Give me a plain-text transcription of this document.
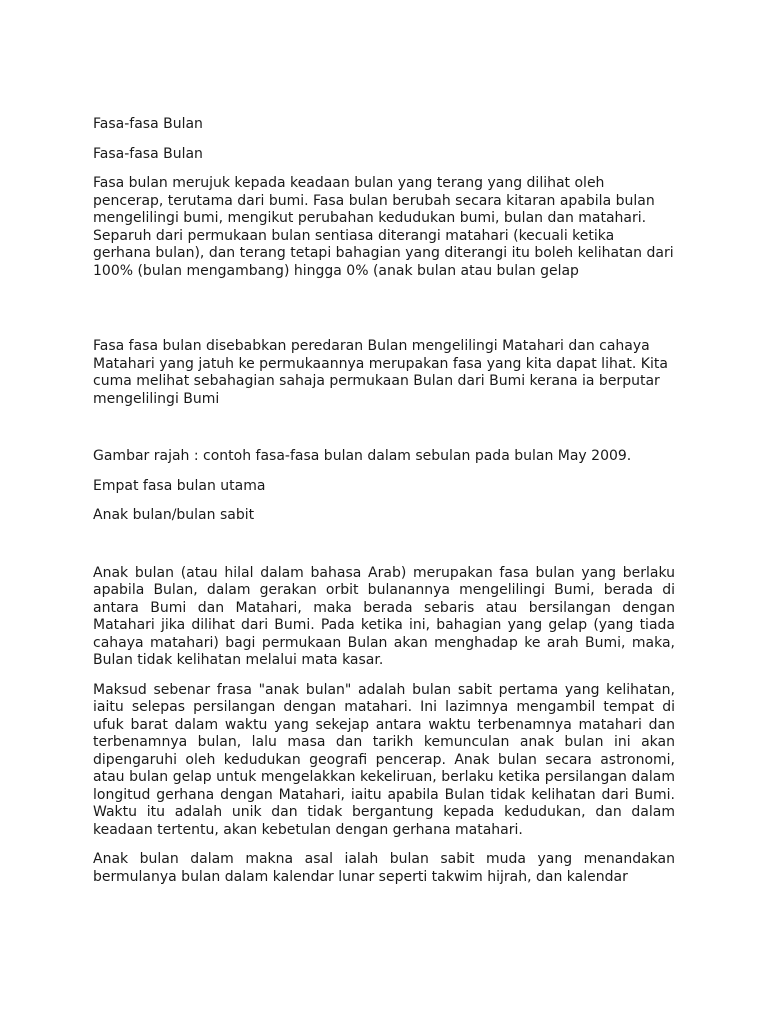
Fasa-fasa Bulan

Fasa-fasa Bulan

Fasa bulan merujuk kepada keadaan bulan yang terang yang dilihat oleh pencerap, terutama dari bumi. Fasa bulan berubah secara kitaran apabila bulan mengelilingi bumi, mengikut perubahan kedudukan bumi, bulan dan matahari. Separuh dari permukaan bulan sentiasa diterangi matahari (kecuali ketika gerhana bulan), dan terang tetapi bahagian yang diterangi itu boleh kelihatan dari 100% (bulan mengambang) hingga 0% (anak bulan atau bulan gelap

Fasa fasa bulan disebabkan peredaran Bulan mengelilingi Matahari dan cahaya Matahari yang jatuh ke permukaannya merupakan fasa yang kita dapat lihat. Kita cuma melihat sebahagian sahaja permukaan Bulan dari Bumi kerana ia berputar mengelilingi Bumi

Gambar rajah : contoh fasa-fasa bulan dalam sebulan pada bulan May 2009.

Empat fasa bulan utama

Anak bulan/bulan sabit

Anak bulan (atau hilal dalam bahasa Arab) merupakan fasa bulan yang berlaku apabila Bulan, dalam gerakan orbit bulanannya mengelilingi Bumi, berada di antara Bumi dan Matahari, maka berada sebaris atau bersilangan dengan Matahari jika dilihat dari Bumi. Pada ketika ini, bahagian yang gelap (yang tiada cahaya matahari) bagi permukaan Bulan akan menghadap ke arah Bumi, maka, Bulan tidak kelihatan melalui mata kasar.

Maksud sebenar frasa "anak bulan" adalah bulan sabit pertama yang kelihatan, iaitu selepas persilangan dengan matahari. Ini lazimnya mengambil tempat di ufuk barat dalam waktu yang sekejap antara waktu terbenamnya matahari dan terbenamnya bulan, lalu masa dan tarikh kemunculan anak bulan ini akan dipengaruhi oleh kedudukan geografi pencerap. Anak bulan secara astronomi, atau bulan gelap untuk mengelakkan kekeliruan, berlaku ketika persilangan dalam longitud gerhana dengan Matahari, iaitu apabila Bulan tidak kelihatan dari Bumi. Waktu itu adalah unik dan tidak bergantung kepada kedudukan, dan dalam keadaan tertentu, akan kebetulan dengan gerhana matahari.

Anak bulan dalam makna asal ialah bulan sabit muda yang menandakan bermulanya bulan dalam kalendar lunar seperti takwim hijrah, dan kalendar
